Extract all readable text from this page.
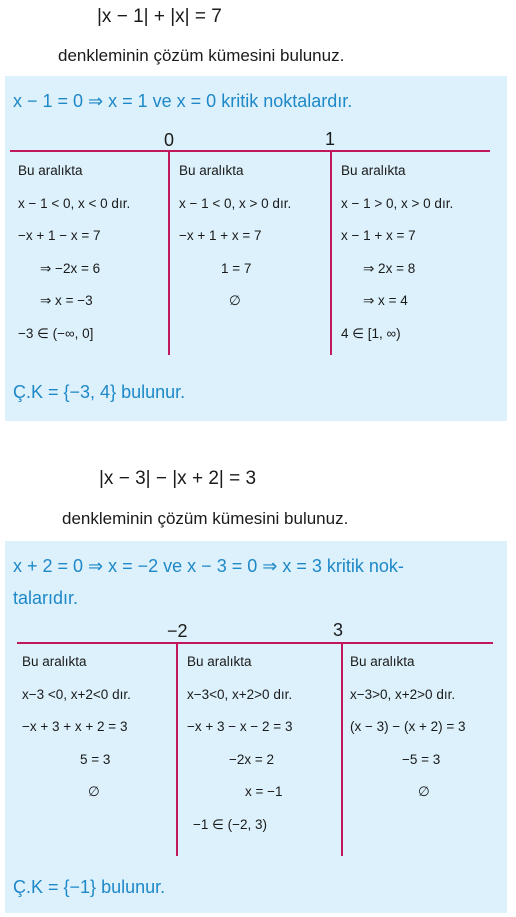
|x − 1| + |x| = 7
denkleminin çözüm kümesini bulunuz.
x − 1 = 0 ⇒ x = 1 ve x = 0 kritik noktalardır.
0	1
Bu aralıkta
x − 1 < 0, x < 0 dır.
−x + 1 − x = 7
⇒ −2x = 6
⇒ x = −3
−3 ∈ (−∞, 0]
Bu aralıkta
x − 1 < 0, x > 0 dır.
−x + 1 + x = 7
1 = 7
∅
Bu aralıkta
x − 1 > 0, x > 0 dır.
x − 1 + x = 7
⇒ 2x = 8
⇒ x = 4
4 ∈ [1, ∞)
Ç.K = {−3, 4} bulunur.
|x − 3| − |x + 2| = 3
denkleminin çözüm kümesini bulunuz.
x + 2 = 0 ⇒ x = −2 ve x − 3 = 0 ⇒ x = 3 kritik nok-
talarıdır.
−2	3
Bu aralıkta
x−3 <0, x+2<0 dır.
−x + 3 + x + 2 = 3
5 = 3
∅
Bu aralıkta
x−3<0, x+2>0 dır.
−x + 3 − x − 2 = 3
−2x = 2
x = −1
−1 ∈ (−2, 3)
Bu aralıkta
x−3>0, x+2>0 dır.
(x − 3) − (x + 2) = 3
−5 = 3
∅
Ç.K = {−1} bulunur.
